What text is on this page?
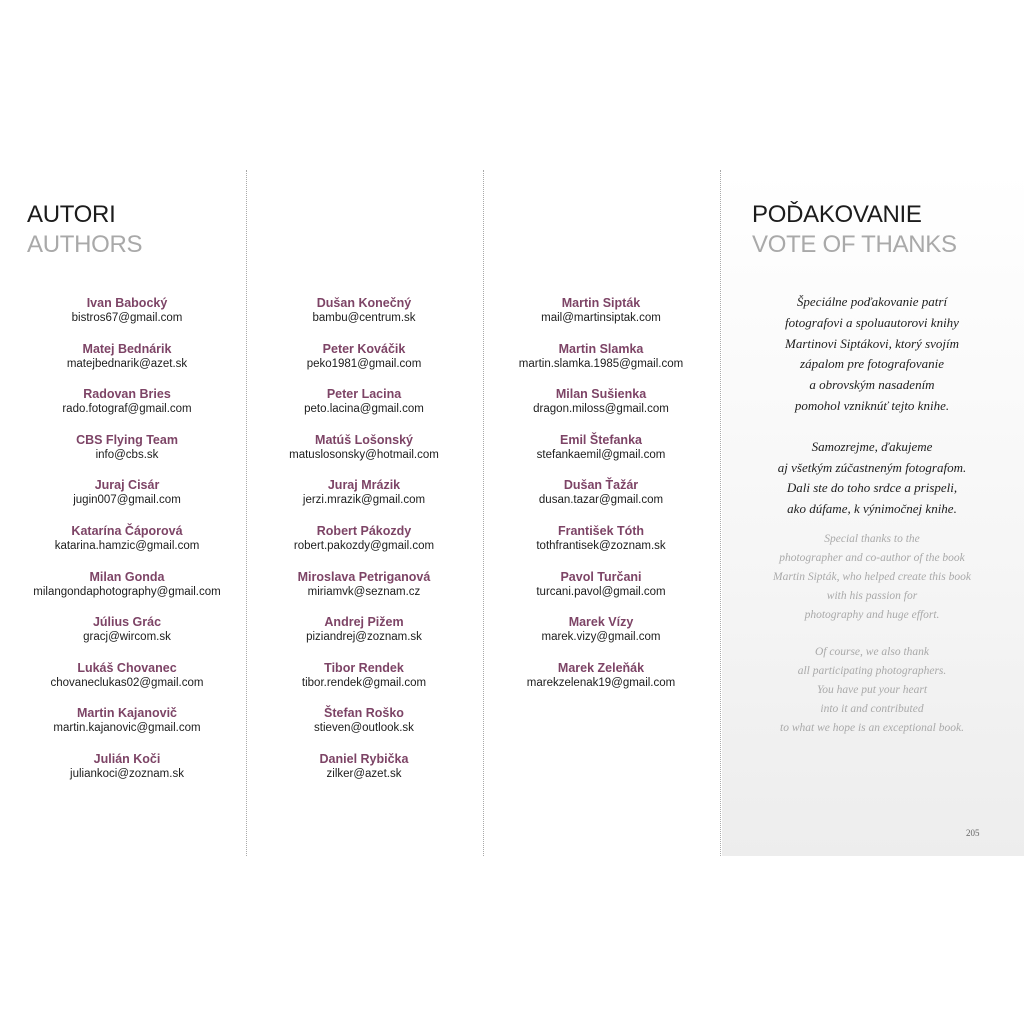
AUTORI
AUTHORS
Ivan Babocký
bistros67@gmail.com
Matej Bednárik
matejbednarik@azet.sk
Radovan Bries
rado.fotograf@gmail.com
CBS Flying Team
info@cbs.sk
Juraj Cisár
jugin007@gmail.com
Katarína Čáporová
katarina.hamzic@gmail.com
Milan Gonda
milangondaphotography@gmail.com
Július Grác
gracj@wircom.sk
Lukáš Chovanec
chovaneclukas02@gmail.com
Martin Kajanovič
martin.kajanovic@gmail.com
Julián Koči
juliankoci@zoznam.sk
Dušan Konečný
bambu@centrum.sk
Peter Kováčik
peko1981@gmail.com
Peter Lacina
peto.lacina@gmail.com
Matúš Lošonský
matuslosonsky@hotmail.com
Juraj Mrázik
jerzi.mrazik@gmail.com
Robert Pákozdy
robert.pakozdy@gmail.com
Miroslava Petriganová
miriamvk@seznam.cz
Andrej Pižem
piziandrej@zoznam.sk
Tibor Rendek
tibor.rendek@gmail.com
Štefan Roško
stieven@outlook.sk
Daniel Rybička
zilker@azet.sk
Martin Sipták
mail@martinsiptak.com
Martin Slamka
martin.slamka.1985@gmail.com
Milan Sušienka
dragon.miloss@gmail.com
Emil Štefanka
stefankaemil@gmail.com
Dušan Ťažár
dusan.tazar@gmail.com
František Tóth
tothfrantisek@zoznam.sk
Pavol Turčani
turcani.pavol@gmail.com
Marek Vízy
marek.vizy@gmail.com
Marek Zeleňák
marekzelenak19@gmail.com
POĎAKOVANIE
VOTE OF THANKS

Špeciálne poďakovanie patrí
fotografovi a spoluautorovi knihy
Martinovi Siptákovi, ktorý svojím
zápalom pre fotografovanie
a obrovským nasadením
pomohol vzniknúť tejto knihe.

Samozrejme, ďakujeme
aj všetkým zúčastneným fotografom.
Dali ste do toho srdce a prispeli,
ako dúfame, k výnimočnej knihe.

Special thanks to the
photographer and co-author of the book
Martin Sipták, who helped create this book
with his passion for
photography and huge effort.

Of course, we also thank
all participating photographers.
You have put your heart
into it and contributed
to what we hope is an exceptional book.

205
